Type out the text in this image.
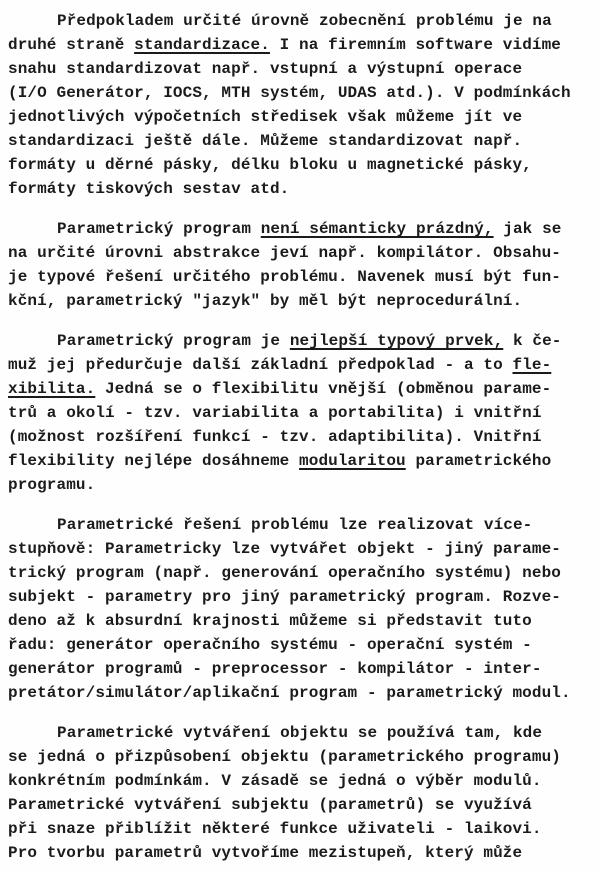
Předpokladem určité úrovně zobecnění problému je na
druhé straně standardizace. I na firemním software vidíme
snahu standardizovat např. vstupní a výstupní operace
(I/O Generátor, IOCS, MTH systém, UDAS atd.). V podmínkách
jednotlivých výpočetních středisek však můžeme jít ve
standardizaci ještě dále. Můžeme standardizovat např.
formáty u děrné pásky, délku bloku u magnetické pásky,
formáty tiskových sestav atd.

Parametrický program není sémanticky prázdný, jak se
na určité úrovni abstrakce jeví např. kompilátor. Obsahu-
je typové řešení určitého problému. Navenek musí být fun-
kční, parametrický "jazyk" by měl být neprocedurální.

Parametrický program je nejlepší typový prvek, k če-
muž jej předurčuje další základní předpoklad - a to fle-
xibilita. Jedná se o flexibilitu vnější (obměnou parame-
trů a okolí - tzv. variabilita a portabilita) i vnitřní
(možnost rozšíření funkcí - tzv. adaptibilita). Vnitřní
flexibility nejlépe dosáhneme modularitou parametrického
programu.

Parametrické řešení problému lze realizovat více-
stupňově: Parametricky lze vytvářet objekt - jiný parame-
trický program (např. generování operačního systému) nebo
subjekt - parametry pro jiný parametrický program. Rozve-
deno až k absurdní krajnosti můžeme si představit tuto
řadu: generátor operačního systému - operační systém -
generátor programů - preprocessor - kompilátor - inter-
pretátor/simulátor/aplikační program - parametrický modul.

Parametrické vytváření objektu se používá tam, kde
se jedná o přizpůsobení objektu (parametrického programu)
konkrétním podmínkám. V zásadě se jedná o výběr modulů.
Parametrické vytváření subjektu (parametrů) se využívá
při snaze přiblížit některé funkce uživateli - laikovi.
Pro tvorbu parametrů vytvoříme mezistupeň, který může
